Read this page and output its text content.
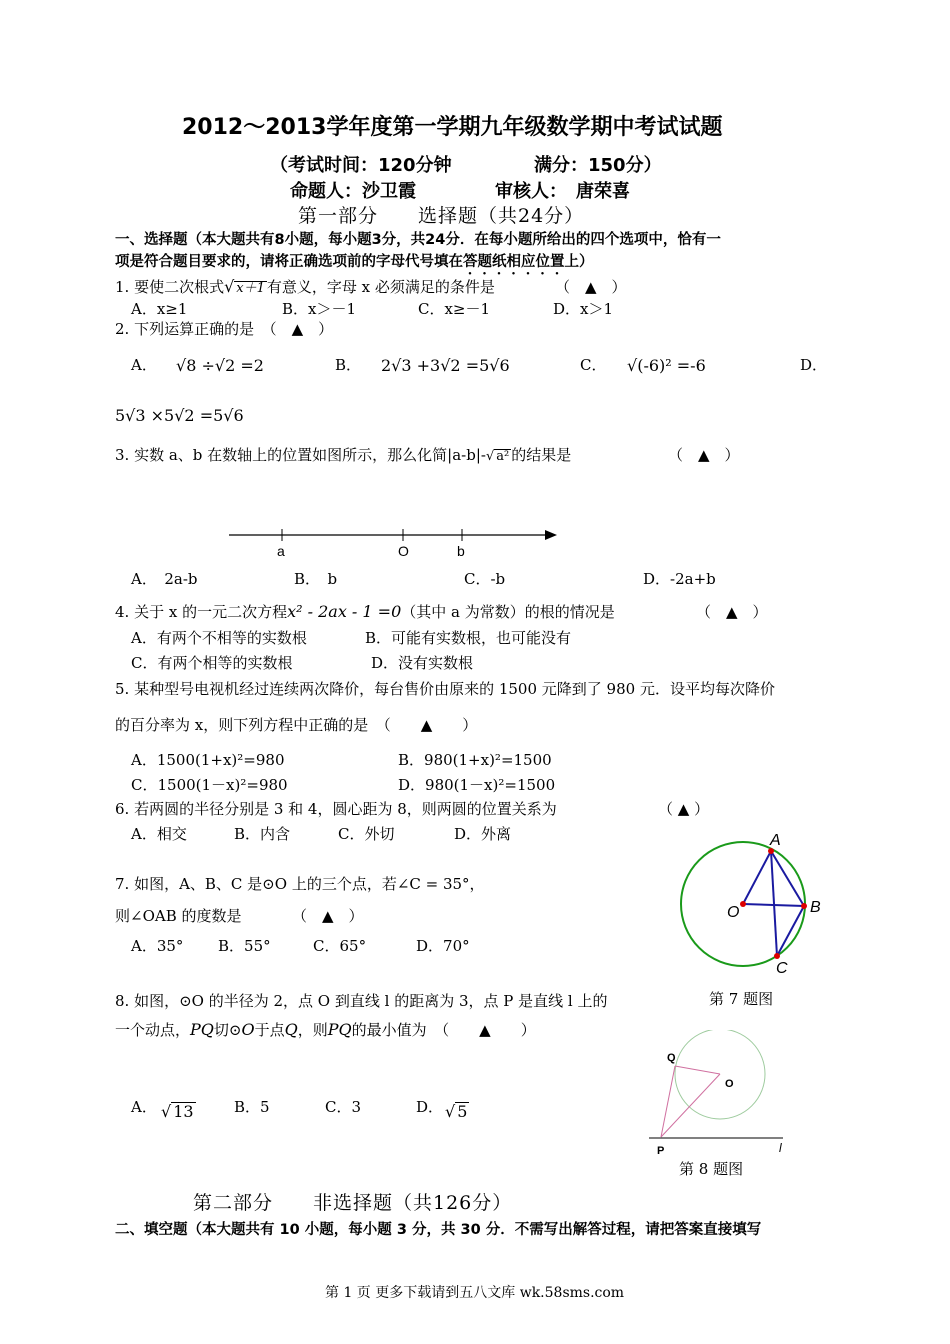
2012～2013学年度第一学期九年级数学期中考试试题
（考试时间：120分钟	满分：150分）
命题人：沙卫霞	审核人：　唐荣喜
第一部分　　选择题（共24分）
一、选择题（本大题共有8小题，每小题3分，共24分．在每小题所给出的四个选项中，恰有一
项是符合题目要求的，请将正确选项前的字母代号填在答题纸相应位置上）
1. 要使二次根式√ x＋1 有意义，字母 x 必须满足的条件是	（　▲　）
A．x≥1	B．x＞－1	C．x≥－1	D．x＞1
2. 下列运算正确的是　（　▲　）
A． √8 ÷√2 =2	B． 2√3 +3√2 =5√6	C． √(-6)² =-6	D．
5√3 ×5√2 =5√6
3. 实数 a、b 在数轴上的位置如图所示，那么化简|a-b|-√ a² 的结果是	（　▲　）
a	O	b
A．　2a-b	B．　b	C．-b	D．-2a+b
4. 关于 x 的一元二次方程x² - 2ax - 1 =0（其中 a 为常数）的根的情况是	（　▲　）
A．有两个不相等的实数根	B．可能有实数根，也可能没有
C．有两个相等的实数根	D．没有实数根
5. 某种型号电视机经过连续两次降价，每台售价由原来的 1500 元降到了 980 元．设平均每次降价
的百分率为 x，则下列方程中正确的是　（　　▲　　）
A．1500(1+x)²=980	B．980(1+x)²=1500
C．1500(1－x)²=980	D．980(1－x)²=1500
6. 若两圆的半径分别是 3 和 4，圆心距为 8，则两圆的位置关系为	（ ▲ ）
A．相交	B．内含	C．外切	D．外离
7. 如图，A、B、C 是⊙O 上的三个点，若∠C = 35°，
则∠OAB 的度数是	（　▲　）
A．35° B．55°	C．65°	D．70°
A
B
C
O
第 7 题图
8. 如图，⊙O 的半径为 2，点 O 到直线 l 的距离为 3，点 P 是直线 l 上的
一个动点，PQ切⊙O于点Q，则PQ的最小值为　（　　▲　　）
A． √ 13	B．5	C．3	D． √ 5
Q
O
P	l
第 8 题图
第二部分　　非选择题（共126分）
二、填空题（本大题共有 10 小题，每小题 3 分，共 30 分．不需写出解答过程，请把答案直接填写
第 1 页 更多下载请到五八文库 wk.58sms.com
